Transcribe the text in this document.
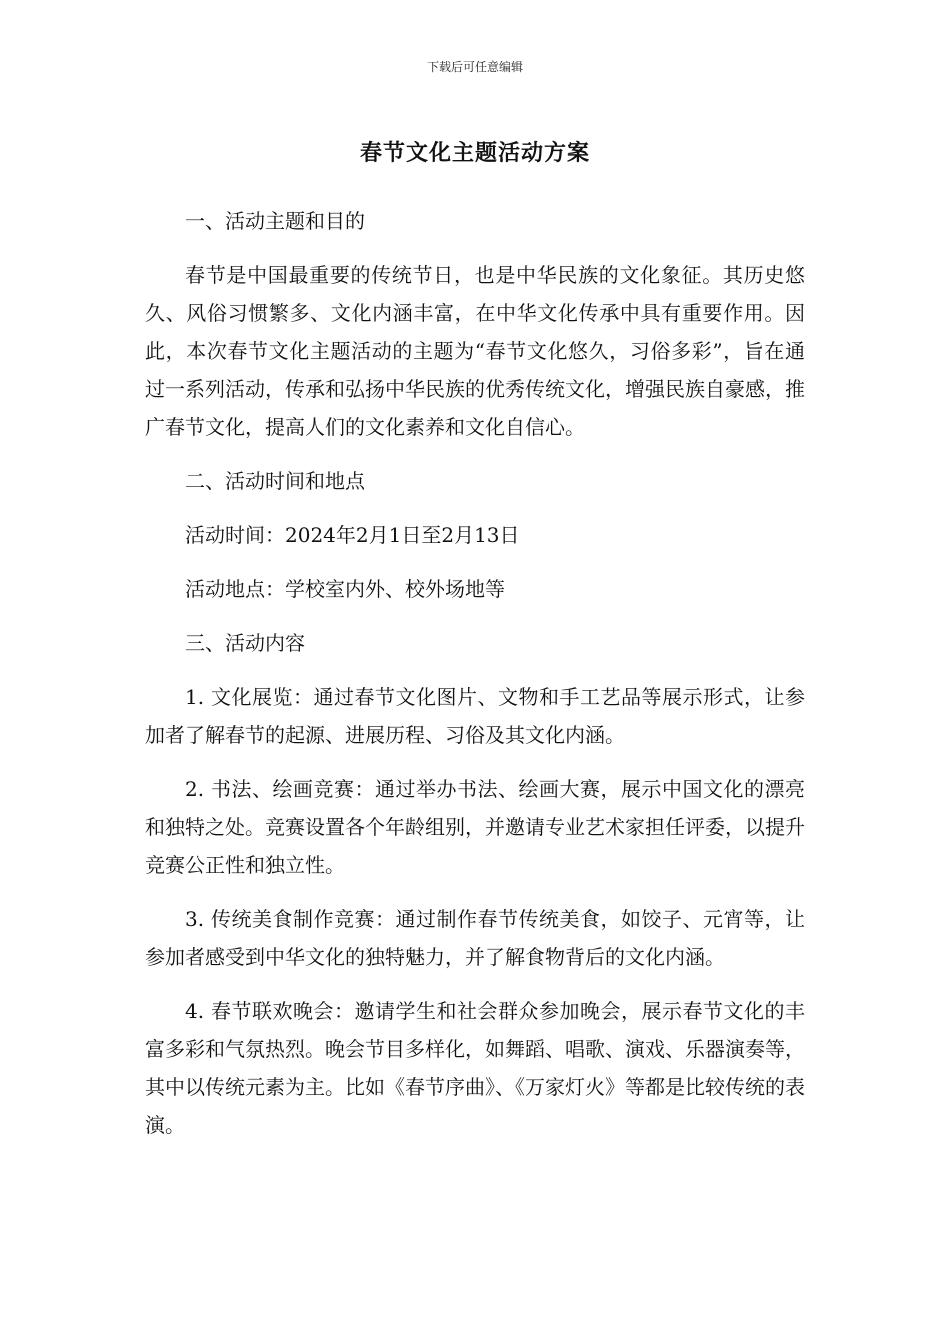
下载后可任意编辑
春节文化主题活动方案

一、活动主题和目的

春节是中国最重要的传统节日，也是中华民族的文化象征。其历史悠久、风俗习惯繁多、文化内涵丰富，在中华文化传承中具有重要作用。因此，本次春节文化主题活动的主题为“春节文化悠久，习俗多彩”，旨在通过一系列活动，传承和弘扬中华民族的优秀传统文化，增强民族自豪感，推广春节文化，提高人们的文化素养和文化自信心。

二、活动时间和地点

活动时间：2024年2月1日至2月13日

活动地点：学校室内外、校外场地等

三、活动内容

1. 文化展览：通过春节文化图片、文物和手工艺品等展示形式，让参加者了解春节的起源、进展历程、习俗及其文化内涵。

2. 书法、绘画竞赛：通过举办书法、绘画大赛，展示中国文化的漂亮和独特之处。竞赛设置各个年龄组别，并邀请专业艺术家担任评委，以提升竞赛公正性和独立性。

3. 传统美食制作竞赛：通过制作春节传统美食，如饺子、元宵等，让参加者感受到中华文化的独特魅力，并了解食物背后的文化内涵。

4. 春节联欢晚会：邀请学生和社会群众参加晚会，展示春节文化的丰富多彩和气氛热烈。晚会节目多样化，如舞蹈、唱歌、演戏、乐器演奏等，其中以传统元素为主。比如《春节序曲》、《万家灯火》等都是比较传统的表演。
